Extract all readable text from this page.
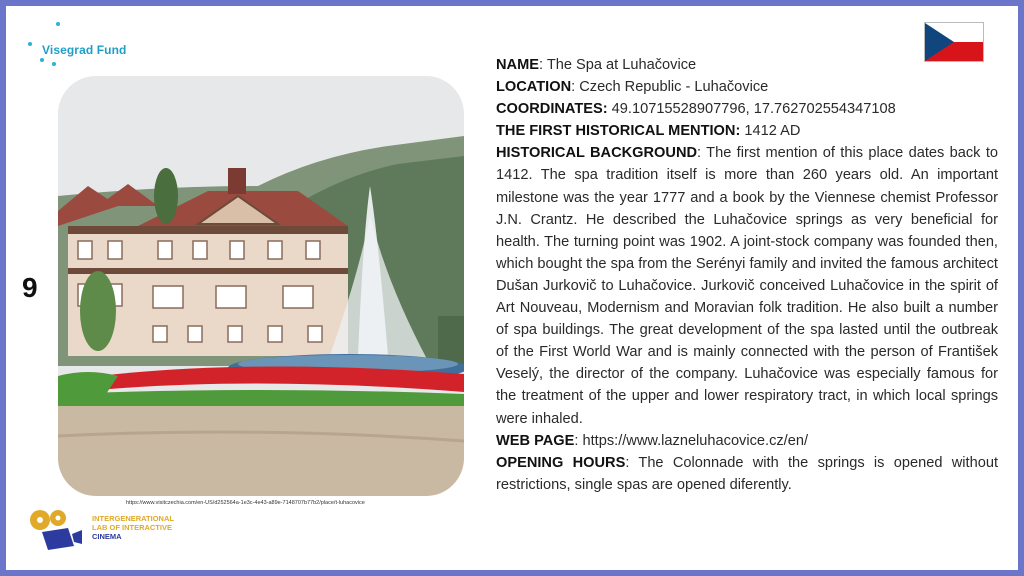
Visegrad Fund
9
https://www.visitczechia.com/en-US/d252564a-1e3c-4e43-a89e-7148707b77b2/place/t-luhacovice
INTERGENERATIONAL
LAB OF INTERACTIVE
CINEMA

NAME: The Spa at Luhačovice

LOCATION: Czech Republic - Luhačovice

COORDINATES: 49.10715528907796, 17.762702554347108

THE FIRST HISTORICAL MENTION: 1412 AD

HISTORICAL BACKGROUND: The first mention of this place dates back to 1412. The spa tradition itself is more than 260 years old. An important milestone was the year 1777 and a book by the Viennese chemist Professor J.N. Crantz. He described the Luhačovice springs as very beneficial for health. The turning point was 1902. A joint-stock company was founded then, which bought the spa from the Serényi family and invited the famous architect Dušan Jurkovič to Luhačovice. Jurkovič conceived Luhačovice in the spirit of Art Nouveau, Modernism and Moravian folk tradition. He also built a number of spa buildings. The great development of the spa lasted until the outbreak of the First World War and is mainly connected with the person of František Veselý, the director of the company. Luhačovice was especially famous for the treatment of the upper and lower respiratory tract, in which local springs were inhaled.

WEB PAGE: https://www.lazneluhacovice.cz/en/

OPENING HOURS: The Colonnade with the springs is opened without restrictions, single spas are opened diferently.
